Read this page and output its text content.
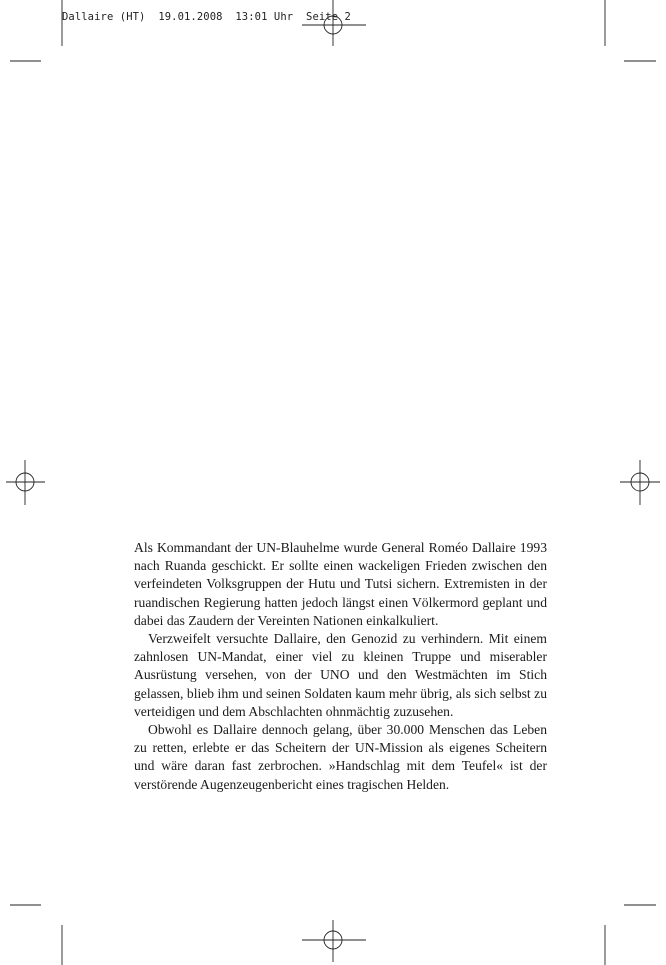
Dallaire (HT)  19.01.2008  13:01 Uhr  Seite 2

Als Kommandant der UN-Blauhelme wurde General Roméo Dallaire 1993 nach Ruanda geschickt. Er sollte einen wackeligen Frieden zwischen den verfeindeten Volksgruppen der Hutu und Tutsi sichern. Extremisten in der ruandischen Regierung hatten jedoch längst einen Völkermord geplant und dabei das Zaudern der Vereinten Nationen einkalkuliert.

Verzweifelt versuchte Dallaire, den Genozid zu verhindern. Mit einem zahnlosen UN-Mandat, einer viel zu kleinen Truppe und miserabler Ausrüstung versehen, von der UNO und den Westmächten im Stich gelassen, blieb ihm und seinen Soldaten kaum mehr übrig, als sich selbst zu verteidigen und dem Abschlachten ohnmächtig zuzusehen.

Obwohl es Dallaire dennoch gelang, über 30.000 Menschen das Leben zu retten, erlebte er das Scheitern der UN-Mission als eigenes Scheitern und wäre daran fast zerbrochen. »Handschlag mit dem Teufel« ist der verstörende Augenzeugenbericht eines tragischen Helden.
